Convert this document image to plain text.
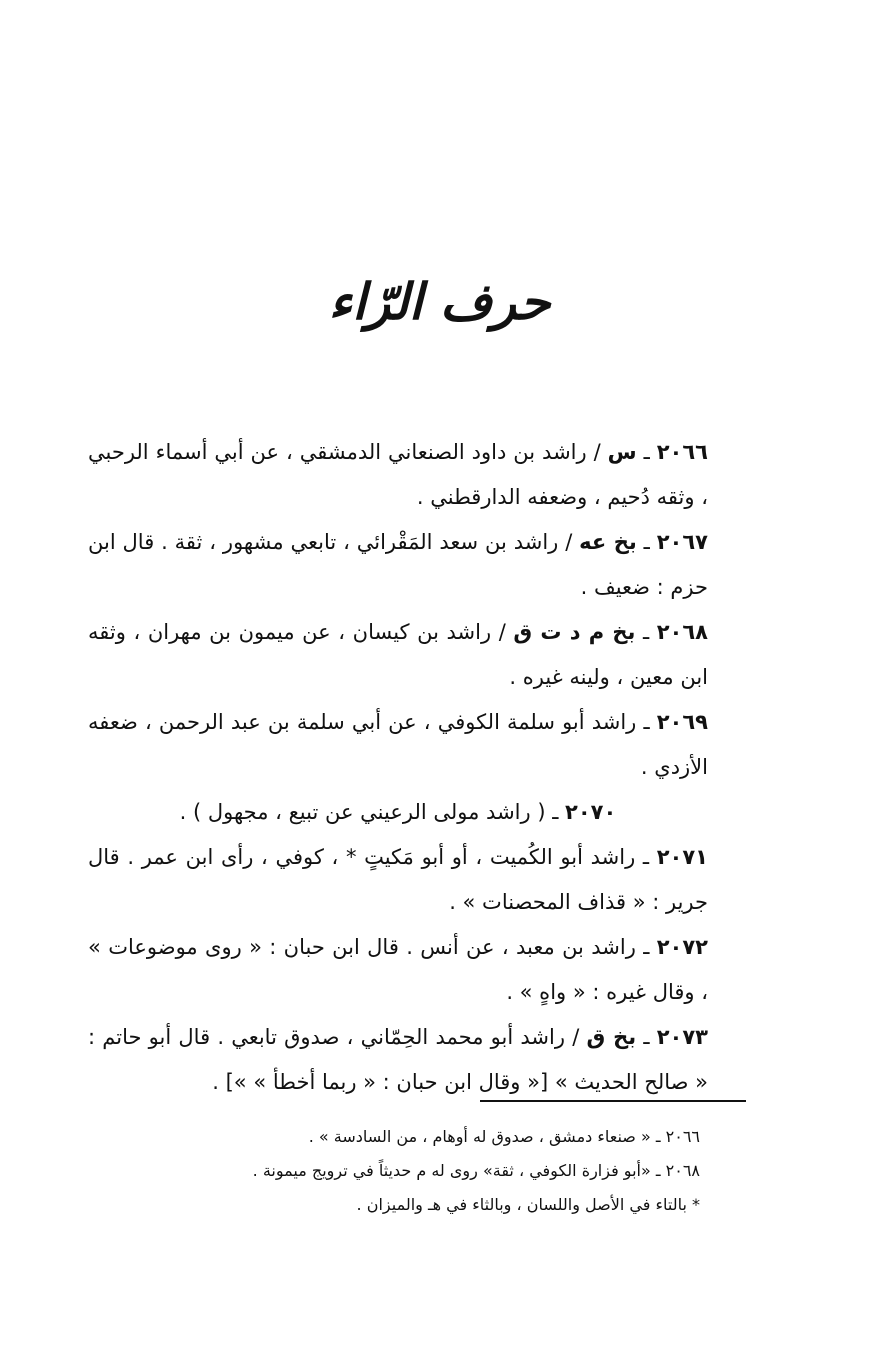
حرف الرّاء

٢٠٦٦ ـ س / راشد بن داود الصنعاني الدمشقي ، عن أبي أسماء الرحبي ، وثقه دُحيم ، وضعفه الدارقطني .

٢٠٦٧ ـ بخ عه / راشد بن سعد المَقْرائي ، تابعي مشهور ، ثقة . قال ابن حزم : ضعيف .

٢٠٦٨ ـ بخ م د ت ق / راشد بن كيسان ، عن ميمون بن مهران ، وثقه ابن معين ، ولينه غيره .

٢٠٦٩ ـ راشد أبو سلمة الكوفي ، عن أبي سلمة بن عبد الرحمن ، ضعفه الأزدي .

٢٠٧٠ ـ ( راشد مولى الرعيني عن تبيع ، مجهول ) .

٢٠٧١ ـ راشد أبو الكُميت ، أو أبو مَكيتٍ * ، كوفي ، رأى ابن عمر . قال جرير : « قذاف المحصنات » .

٢٠٧٢ ـ راشد بن معبد ، عن أنس . قال ابن حبان : « روى موضوعات » ، وقال غيره : « واهٍ » .

٢٠٧٣ ـ بخ ق / راشد أبو محمد الحِمّاني ، صدوق تابعي . قال أبو حاتم : « صالح الحديث » [« وقال ابن حبان : « ربما أخطأ » »] .

٢٠٦٦ ـ « صنعاء دمشق ، صدوق له أوهام ، من السادسة » .

٢٠٦٨ ـ «أبو فزارة الكوفي ، ثقة» روى له م حديثاً في ترويج ميمونة .

* بالتاء في الأصل واللسان ، وبالثاء في هـ والميزان .
